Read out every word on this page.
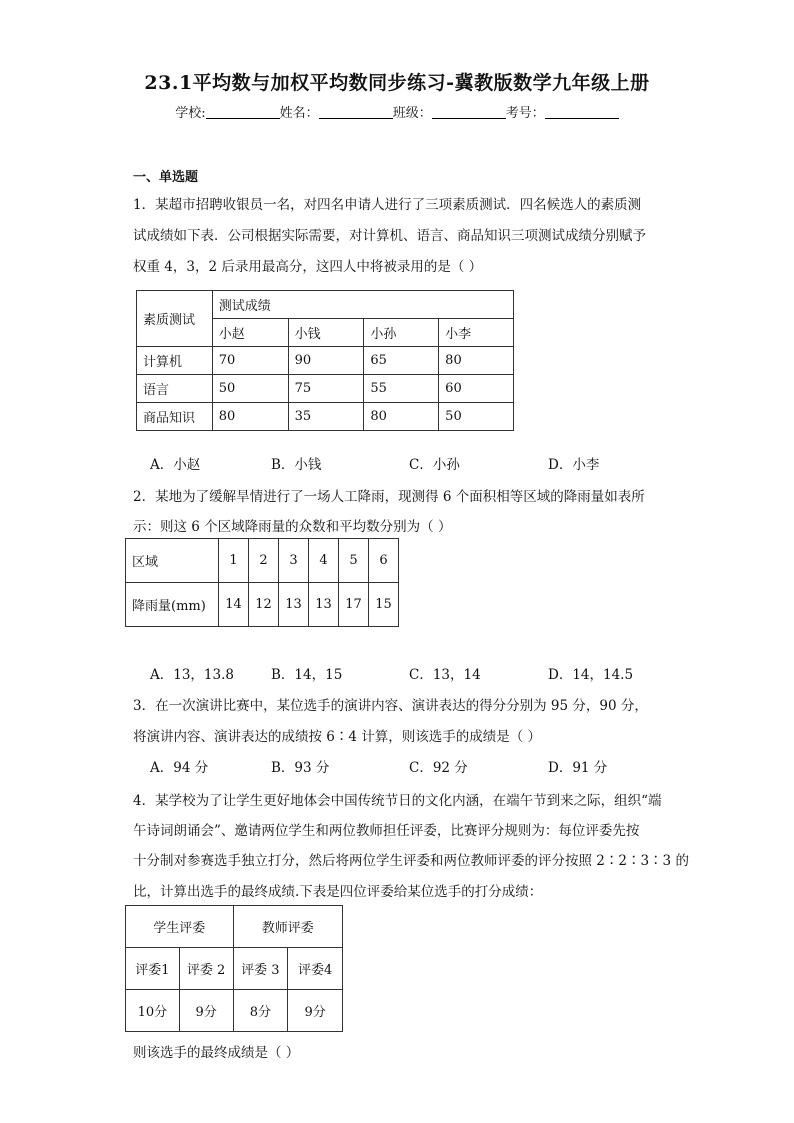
23.1平均数与加权平均数同步练习-冀教版数学九年级上册
学校:	姓名：	班级：	考号：
一、单选题
1．某超市招聘收银员一名，对四名申请人进行了三项素质测试．四名候选人的素质测
试成绩如下表．公司根据实际需要，对计算机、语言、商品知识三项测试成绩分别赋予
权重 4，3，2 后录用最高分，这四人中将被录用的是（ ）
素质测试	测试成绩			
	小赵	小钱	小孙	小李
计算机	70	90	65	80
语言	50	75	55	60
商品知识	80	35	80	50
A．小赵	B．小钱	C．小孙	D．小李
2．某地为了缓解旱情进行了一场人工降雨，现测得 6 个面积相等区域的降雨量如表所
示：则这 6 个区域降雨量的众数和平均数分别为（ ）
区域	1	2	3	4	5	6
降雨量(mm)	14	12	13	13	17	15
A．13，13.8	B．14，15	C．13，14	D．14，14.5
3．在一次演讲比赛中，某位选手的演讲内容、演讲表达的得分分别为 95 分，90 分，
将演讲内容、演讲表达的成绩按 6∶4 计算，则该选手的成绩是（ ）
A．94 分	B．93 分	C．92 分	D．91 分
4．某学校为了让学生更好地体会中国传统节日的文化内涵，在端午节到来之际，组织“端
午诗词朗诵会”、邀请两位学生和两位教师担任评委，比赛评分规则为：每位评委先按
十分制对参赛选手独立打分，然后将两位学生评委和两位教师评委的评分按照 2∶2∶3∶3 的
比，计算出选手的最终成绩.下表是四位评委给某位选手的打分成绩：
学生评委		教师评委	
评委1	评委 2	评委 3	评委4
10分	9分	8分	9分
则该选手的最终成绩是（ ）
